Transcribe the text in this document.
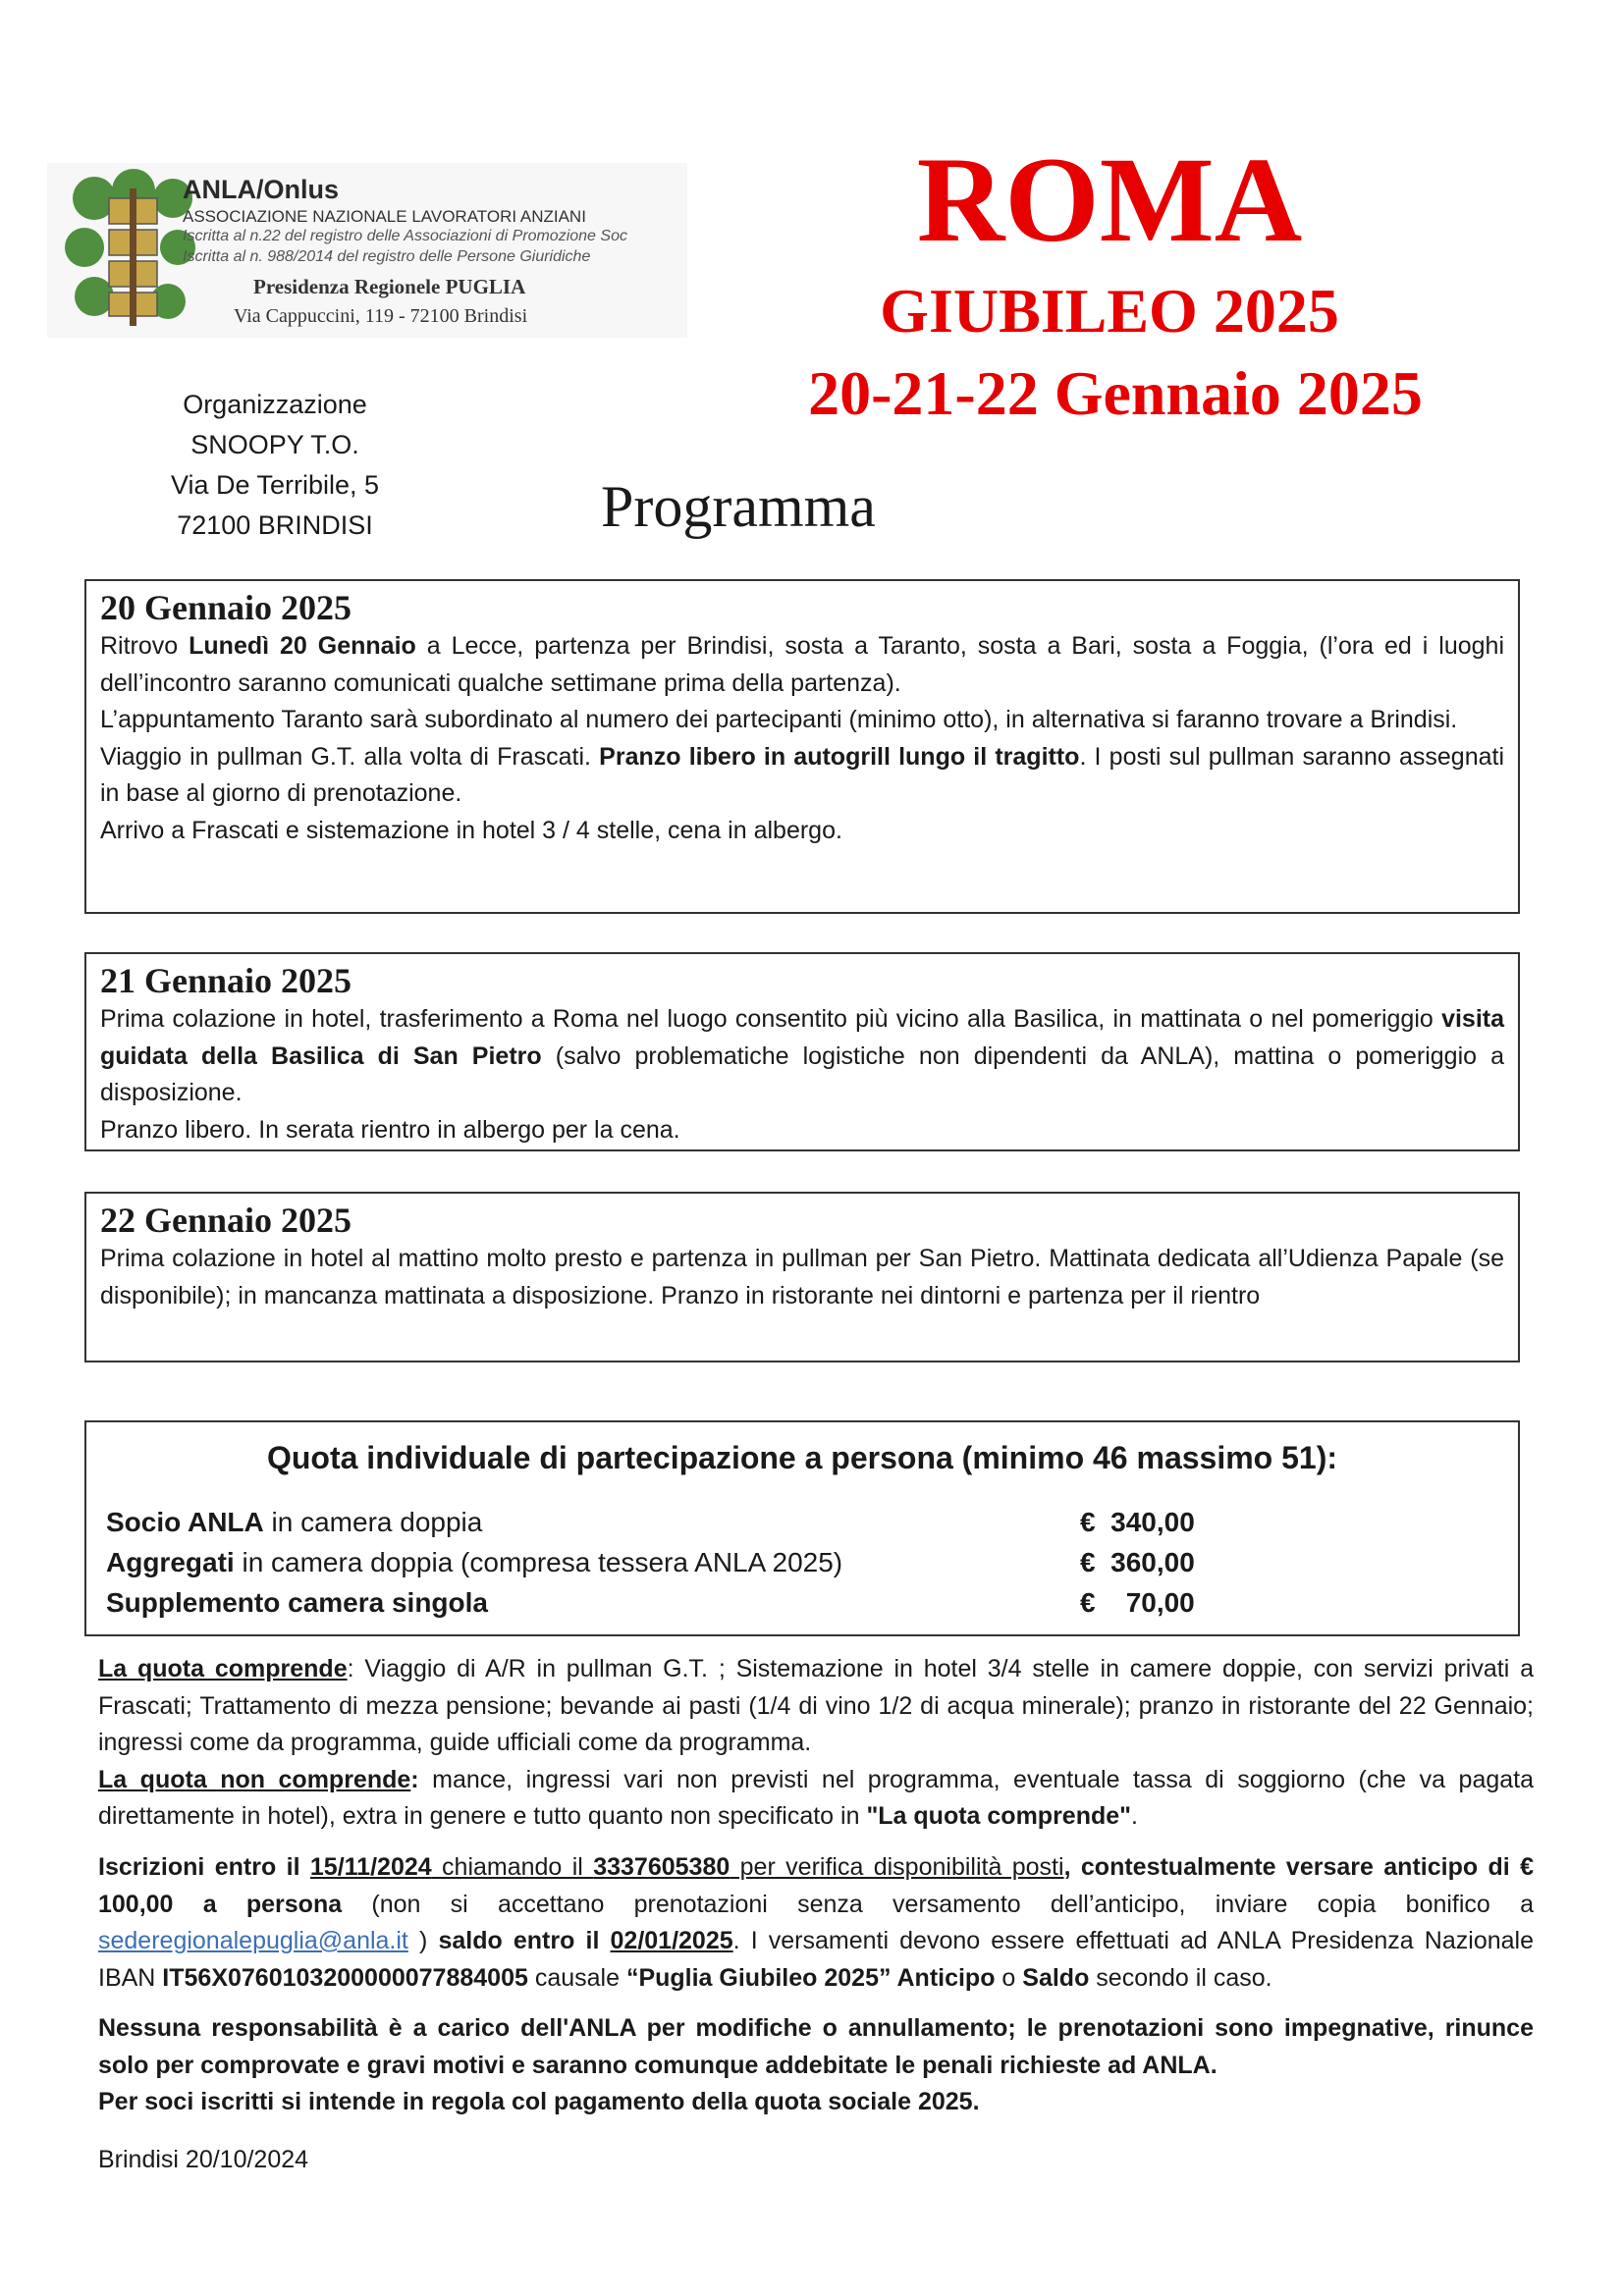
ANLA/Onlus
ASSOCIAZIONE NAZIONALE LAVORATORI ANZIANI
Iscritta al n.22 del registro delle Associazioni di Promozione Soc
Iscritta al n. 988/2014 del registro delle Persone Giuridiche
Presidenza Regionele PUGLIA
Via Cappuccini, 119 - 72100 Brindisi
ROMA
GIUBILEO 2025
20-21-22 Gennaio 2025
Organizzazione
SNOOPY T.O.
Via De Terribile, 5
72100 BRINDISI	Programma
20 Gennaio 2025

Ritrovo Lunedì 20 Gennaio a Lecce, partenza per Brindisi, sosta a Taranto, sosta a Bari, sosta a Foggia, (l’ora ed i luoghi dell’incontro saranno comunicati qualche settimane prima della partenza).

L’appuntamento Taranto sarà subordinato al numero dei partecipanti (minimo otto), in alternativa si faranno trovare a Brindisi.

Viaggio in pullman G.T. alla volta di Frascati. Pranzo libero in autogrill lungo il tragitto. I posti sul pullman saranno assegnati in base al giorno di prenotazione.

Arrivo a Frascati e sistemazione in hotel 3 / 4 stelle, cena in albergo.

21 Gennaio 2025

Prima colazione in hotel, trasferimento a Roma nel luogo consentito più vicino alla Basilica, in mattinata o nel pomeriggio visita guidata della Basilica di San Pietro (salvo problematiche logistiche non dipendenti da ANLA), mattina o pomeriggio a disposizione.

Pranzo libero. In serata rientro in albergo per la cena.

22 Gennaio 2025

Prima colazione in hotel al mattino molto presto e partenza in pullman per San Pietro. Mattinata dedicata all’Udienza Papale (se disponibile); in mancanza mattinata a disposizione. Pranzo in ristorante nei dintorni e partenza per il rientro

Quota individuale di partecipazione a persona (minimo 46 massimo 51):
Socio ANLA in camera doppia	€  340,00
Aggregati in camera doppia (compresa tessera ANLA 2025)	€  360,00
Supplemento camera singola	€    70,00
La quota comprende: Viaggio di A/R in pullman G.T. ; Sistemazione in hotel 3/4 stelle in camere doppie, con servizi privati a Frascati; Trattamento di mezza pensione; bevande ai pasti (1/4 di vino 1/2 di acqua minerale); pranzo in ristorante del 22 Gennaio; ingressi come da programma, guide ufficiali come da programma.
La quota non comprende: mance, ingressi vari non previsti nel programma, eventuale tassa di soggiorno (che va pagata direttamente in hotel), extra in genere e tutto quanto non specificato in "La quota comprende".
Iscrizioni entro il 15/11/2024 chiamando il 3337605380 per verifica disponibilità posti, contestualmente versare anticipo di € 100,00 a persona (non si accettano prenotazioni senza versamento dell’anticipo, inviare copia bonifico a sederegionalepuglia@anla.it ) saldo entro il 02/01/2025. I versamenti devono essere effettuati ad ANLA Presidenza Nazionale IBAN IT56X0760103200000077884005 causale “Puglia Giubileo 2025” Anticipo o Saldo secondo il caso.
Nessuna responsabilità è a carico dell'ANLA per modifiche o annullamento; le prenotazioni sono impegnative, rinunce solo per comprovate e gravi motivi e saranno comunque addebitate le penali richieste ad ANLA.
Per soci iscritti si intende in regola col pagamento della quota sociale 2025.
Brindisi 20/10/2024
